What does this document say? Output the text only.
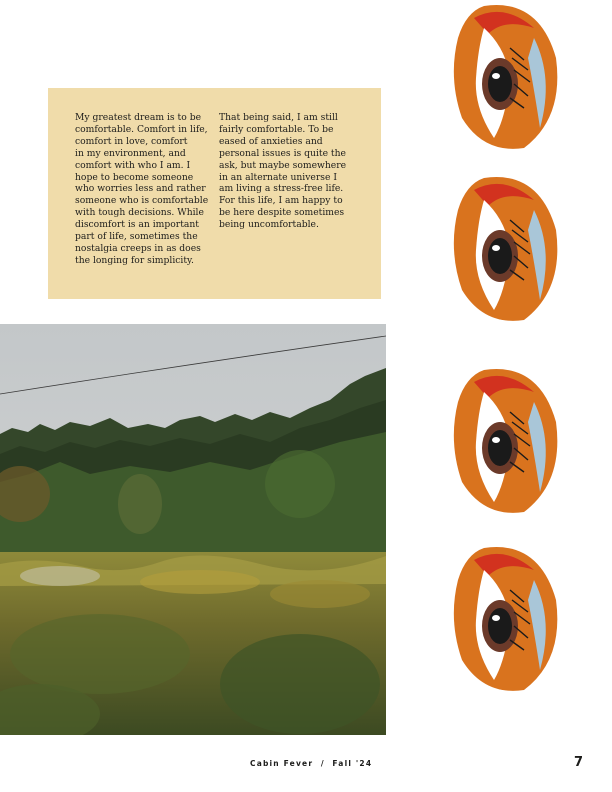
My greatest dream is to be
comfortable. Comfort in life,
comfort in love, comfort
in my environment, and
comfort with who I am. I
hope to become someone
who worries less and rather
someone who is comfortable
with tough decisions. While
discomfort is an important
part of life, sometimes the
nostalgia creeps in as does
the longing for simplicity.
That being said, I am still
fairly comfortable. To be
eased of anxieties and
personal issues is quite the
ask, but maybe somewhere
in an alternate universe I
am living a stress-free life.
For this life, I am happy to
be here despite sometimes
being uncomfortable.
Cabin Fever  /  Fall '24	7
